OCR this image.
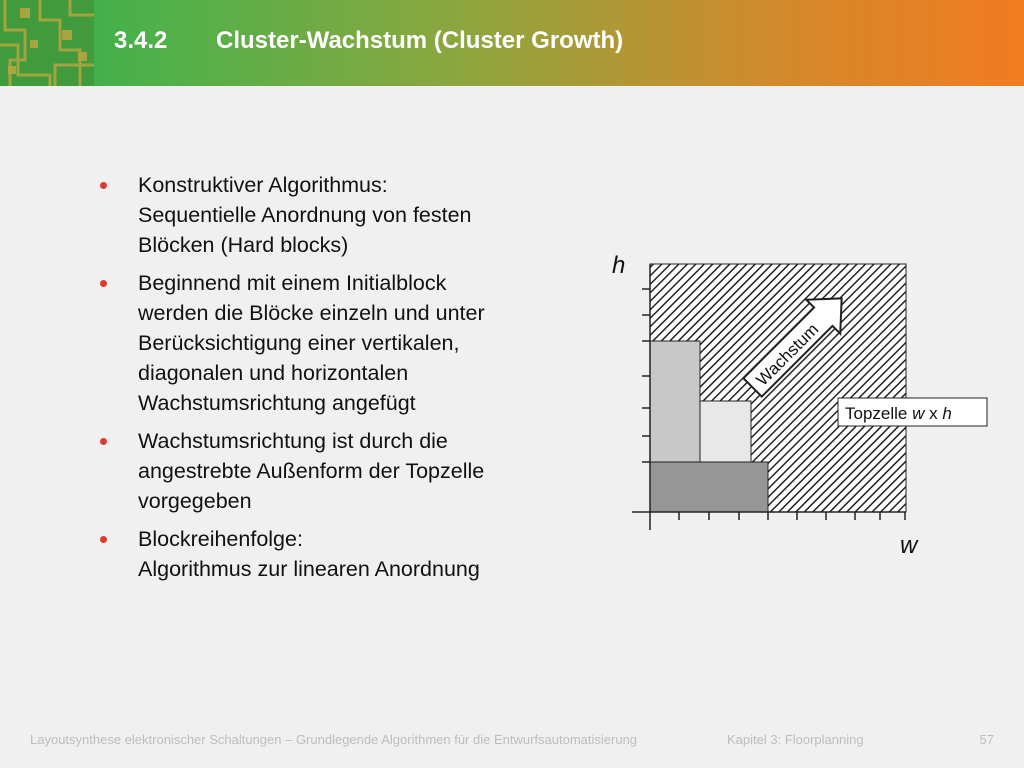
3.4.2 Cluster-Wachstum (Cluster Growth)
Konstruktiver Algorithmus:
Sequentielle Anordnung von festen
Blöcken (Hard blocks)
Beginnend mit einem Initialblock
werden die Blöcke einzeln und unter
Berücksichtigung einer vertikalen,
diagonalen und horizontalen
Wachstumsrichtung angefügt
Wachstumsrichtung ist durch die
angestrebte Außenform der Topzelle
vorgegeben
Blockreihenfolge:
Algorithmus zur linearen Anordnung
h
w
Wachstum
Topzelle w x h
Layoutsynthese elektronischer Schaltungen – Grundlegende Algorithmen für die Entwurfsautomatisierung	Kapitel 3: Floorplanning	57
